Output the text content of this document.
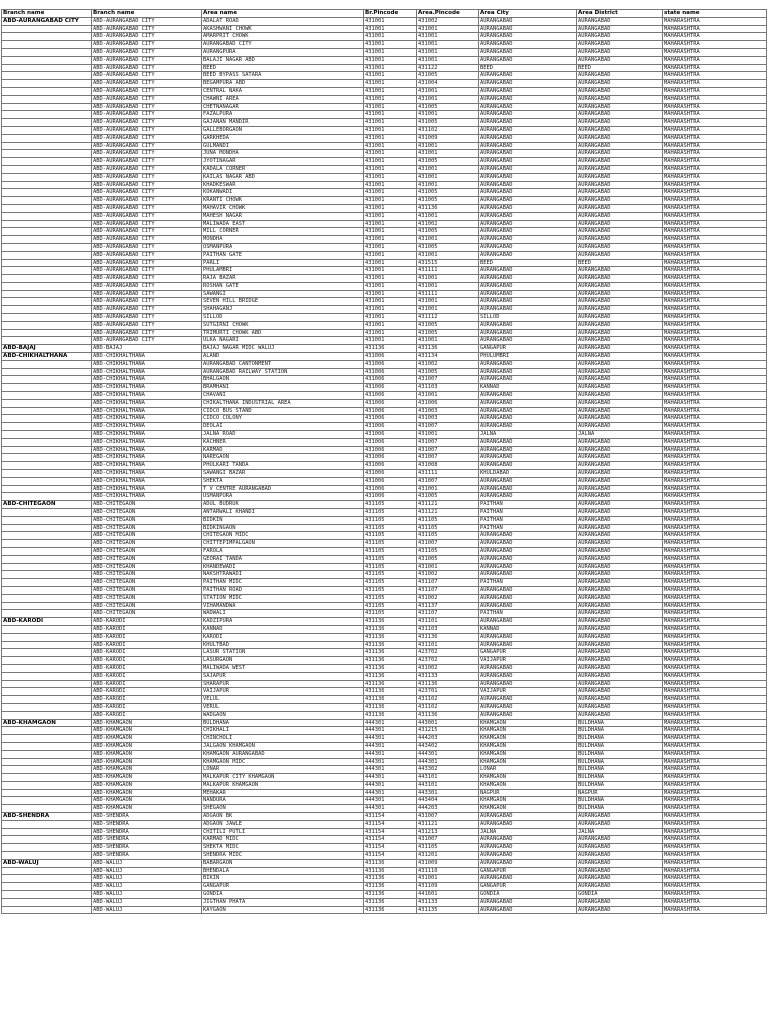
Branch name	Branch name	Area name	Br.Pincode	Area.Pincode	Area City	Area District	state name
ABD-AURANGABAD CITY	ABD-AURANGABAD CITY	ADALAT ROAD	431001	431002	AURANGABAD	AURANGABAD	MAHARASHTRA
	ABD-AURANGABAD CITY	AKASHWANI CHOWK	431001	431001	AURANGABAD	AURANGABAD	MAHARASHTRA
	ABD-AURANGABAD CITY	AMARPRIT CHOWK	431001	431001	AURANGABAD	AURANGABAD	MAHARASHTRA
	ABD-AURANGABAD CITY	AURANGABAD CITY	431001	431001	AURANGABAD	AURANGABAD	MAHARASHTRA
	ABD-AURANGABAD CITY	AURANGPURA	431001	431001	AURANGABAD	AURANGABAD	MAHARASHTRA
	ABD-AURANGABAD CITY	BALAJI NAGAR ABD	431001	431001	AURANGABAD	AURANGABAD	MAHARASHTRA
	ABD-AURANGABAD CITY	BEED	431001	431122	BEED	BEED	MAHARASHTRA
	ABD-AURANGABAD CITY	BEED BYPASS SATARA	431001	431005	AURANGABAD	AURANGABAD	MAHARASHTRA
	ABD-AURANGABAD CITY	BEGAMPURA ABD	431001	431004	AURANGABAD	AURANGABAD	MAHARASHTRA
	ABD-AURANGABAD CITY	CENTRAL NAKA	431001	431001	AURANGABAD	AURANGABAD	MAHARASHTRA
	ABD-AURANGABAD CITY	CHAWNI AREA	431001	431001	AURANGABAD	AURANGABAD	MAHARASHTRA
	ABD-AURANGABAD CITY	CHETNANAGAR	431001	431005	AURANGABAD	AURANGABAD	MAHARASHTRA
	ABD-AURANGABAD CITY	FAZALPURA	431001	431001	AURANGABAD	AURANGABAD	MAHARASHTRA
	ABD-AURANGABAD CITY	GAJANAN MANDIR	431001	431005	AURANGABAD	AURANGABAD	MAHARASHTRA
	ABD-AURANGABAD CITY	GALLEBORGAON	431001	431102	AURANGABAD	AURANGABAD	MAHARASHTRA
	ABD-AURANGABAD CITY	GARKHEDA	431001	431009	AURANGABAD	AURANGABAD	MAHARASHTRA
	ABD-AURANGABAD CITY	GULMANDI	431001	431001	AURANGABAD	AURANGABAD	MAHARASHTRA
	ABD-AURANGABAD CITY	JUNA MONDHA	431001	431001	AURANGABAD	AURANGABAD	MAHARASHTRA
	ABD-AURANGABAD CITY	JYOTINAGAR	431001	431005	AURANGABAD	AURANGABAD	MAHARASHTRA
	ABD-AURANGABAD CITY	KADALA CORNER	431001	431001	AURANGABAD	AURANGABAD	MAHARASHTRA
	ABD-AURANGABAD CITY	KAILAS NAGAR ABD	431001	431001	AURANGABAD	AURANGABAD	MAHARASHTRA
	ABD-AURANGABAD CITY	KHADKESWAR	431001	431001	AURANGABAD	AURANGABAD	MAHARASHTRA
	ABD-AURANGABAD CITY	KOKANWADI	431001	431005	AURANGABAD	AURANGABAD	MAHARASHTRA
	ABD-AURANGABAD CITY	KRANTI CHOWK	431001	431005	AURANGABAD	AURANGABAD	MAHARASHTRA
	ABD-AURANGABAD CITY	MAHAVIR CHOWK	431001	431136	AURANGABAD	AURANGABAD	MAHARASHTRA
	ABD-AURANGABAD CITY	MAHESH NAGAR	431001	431001	AURANGABAD	AURANGABAD	MAHARASHTRA
	ABD-AURANGABAD CITY	MALIWADA EAST	431001	431002	AURANGABAD	AURANGABAD	MAHARASHTRA
	ABD-AURANGABAD CITY	MILL CORNER	431001	431005	AURANGABAD	AURANGABAD	MAHARASHTRA
	ABD-AURANGABAD CITY	MONDHA	431001	431001	AURANGABAD	AURANGABAD	MAHARASHTRA
	ABD-AURANGABAD CITY	OSMANPURA	431001	431005	AURANGABAD	AURANGABAD	MAHARASHTRA
	ABD-AURANGABAD CITY	PAITHAN GATE	431001	431001	AURANGABAD	AURANGABAD	MAHARASHTRA
	ABD-AURANGABAD CITY	PARLI	431001	431515	BEED	BEED	MAHARASHTRA
	ABD-AURANGABAD CITY	PHULAMBRI	431001	431111	AURANGABAD	AURANGABAD	MAHARASHTRA
	ABD-AURANGABAD CITY	RAJA BAZAR	431001	431001	AURANGABAD	AURANGABAD	MAHARASHTRA
	ABD-AURANGABAD CITY	ROSHAN GATE	431001	431001	AURANGABAD	AURANGABAD	MAHARASHTRA
	ABD-AURANGABAD CITY	SAWANGI	431001	431111	AURANGABAD	AURANGABAD	MAHARASHTRA
	ABD-AURANGABAD CITY	SEVEN HILL BRIDGE	431001	431001	AURANGABAD	AURANGABAD	MAHARASHTRA
	ABD-AURANGABAD CITY	SHAHAGANJ	431001	431001	AURANGABAD	AURANGABAD	MAHARASHTRA
	ABD-AURANGABAD CITY	SILLOD	431001	431112	SILLOD	AURANGABAD	MAHARASHTRA
	ABD-AURANGABAD CITY	SUTGIRNI CHOWK	431001	431005	AURANGABAD	AURANGABAD	MAHARASHTRA
	ABD-AURANGABAD CITY	TRIMURTI CHOWK ABD	431001	431005	AURANGABAD	AURANGABAD	MAHARASHTRA
	ABD-AURANGABAD CITY	ULKA NAGARI	431001	431001	AURANGABAD	AURANGABAD	MAHARASHTRA
ABD-BAJAJ	ABD-BAJAJ	BAJAJ NAGAR MIDC WALUJ	431136	431136	GANGAPUR	AURANGABAD	MAHARASHTRA
ABD-CHIKHALTHANA	ABD-CHIKHALTHANA	ALAND	431006	431134	PHULUMBRI	AURANGABAD	MAHARASHTRA
	ABD-CHIKHALTHANA	AURANGABAD CANTONMENT	431006	431002	AURANGABAD	AURANGABAD	MAHARASHTRA
	ABD-CHIKHALTHANA	AURANGABAD RAILWAY STATION	431006	431005	AURANGABAD	AURANGABAD	MAHARASHTRA
	ABD-CHIKHALTHANA	BHALGAON	431006	431007	AURANGABAD	AURANGABAD	MAHARASHTRA
	ABD-CHIKHALTHANA	BRAMHANI	431006	431103	KANNAD	AURANGABAD	MAHARASHTRA
	ABD-CHIKHALTHANA	CHAVANI	431006	431001	AURANGABAD	AURANGABAD	MAHARASHTRA
	ABD-CHIKHALTHANA	CHIKALTHANA INDUSTRIAL AREA	431006	431006	AURANGABAD	AURANGABAD	MAHARASHTRA
	ABD-CHIKHALTHANA	CIDCO BUS STAND	431006	431003	AURANGABAD	AURANGABAD	MAHARASHTRA
	ABD-CHIKHALTHANA	CIDCO COLONY	431006	431003	AURANGABAD	AURANGABAD	MAHARASHTRA
	ABD-CHIKHALTHANA	DEOLAI	431006	431007	AURANGABAD	AURANGABAD	MAHARASHTRA
	ABD-CHIKHALTHANA	JALNA ROAD	431006	431001	JALNA	JALNA	MAHARASHTRA
	ABD-CHIKHALTHANA	KACHNER	431006	431007	AURANGABAD	AURANGABAD	MAHARASHTRA
	ABD-CHIKHALTHANA	KARMAD	431006	431007	AURANGABAD	AURANGABAD	MAHARASHTRA
	ABD-CHIKHALTHANA	NAREGAON	431006	431007	AURANGABAD	AURANGABAD	MAHARASHTRA
	ABD-CHIKHALTHANA	PHULKARI TANDA	431006	431008	AURANGABAD	AURANGABAD	MAHARASHTRA
	ABD-CHIKHALTHANA	SAWANGI BAZAR	431006	431111	KHULDABAD	AURANGABAD	MAHARASHTRA
	ABD-CHIKHALTHANA	SHEKTA	431006	431007	AURANGABAD	AURANGABAD	MAHARASHTRA
	ABD-CHIKHALTHANA	T V CENTRE AURANGABAD	431006	431001	AURANGABAD	AURANGABAD	MAHARASHTRA
	ABD-CHIKHALTHANA	USMANPURA	431006	431005	AURANGABAD	AURANGABAD	MAHARASHTRA
ABD-CHITEGAON	ABD-CHITEGAON	ADUL BUDRUK	431105	431121	PAITHAN	AURANGABAD	MAHARASHTRA
	ABD-CHITEGAON	ANTARWALI KHANDI	431105	431121	PAITHAN	AURANGABAD	MAHARASHTRA
	ABD-CHITEGAON	BIDKIN	431105	431105	PAITHAN	AURANGABAD	MAHARASHTRA
	ABD-CHITEGAON	BIDKINGAON	431105	431105	PAITHAN	AURANGABAD	MAHARASHTRA
	ABD-CHITEGAON	CHITEGAON MIDC	431105	431105	AURANGABAD	AURANGABAD	MAHARASHTRA
	ABD-CHITEGAON	CHITTEPIMPALGAON	431105	431007	AURANGABAD	AURANGABAD	MAHARASHTRA
	ABD-CHITEGAON	FAROLA	431105	431105	AURANGABAD	AURANGABAD	MAHARASHTRA
	ABD-CHITEGAON	GEORAI TANDA	431105	431005	AURANGABAD	AURANGABAD	MAHARASHTRA
	ABD-CHITEGAON	KHANDEWADI	431105	431001	AURANGABAD	AURANGABAD	MAHARASHTRA
	ABD-CHITEGAON	NAKSHTRAWADI	431105	431002	AURANGABAD	AURANGABAD	MAHARASHTRA
	ABD-CHITEGAON	PAITHAN MIDC	431105	431107	PAITHAN	AURANGABAD	MAHARASHTRA
	ABD-CHITEGAON	PAITHAN ROAD	431105	431107	AURANGABAD	AURANGABAD	MAHARASHTRA
	ABD-CHITEGAON	STATION MIDC	431105	431002	AURANGABAD	AURANGABAD	MAHARASHTRA
	ABD-CHITEGAON	VIHAMANDWA	431105	431137	AURANGABAD	AURANGABAD	MAHARASHTRA
	ABD-CHITEGAON	WADWALI	431105	431107	PAITHAN	AURANGABAD	MAHARASHTRA
ABD-KARODI	ABD-KARODI	KADZIPURA	431136	431101	AURANGABAD	AURANGABAD	MAHARASHTRA
	ABD-KARODI	KANNAD	431136	431103	KANNAD	AURANGABAD	MAHARASHTRA
	ABD-KARODI	KARODI	431136	431136	AURANGABAD	AURANGABAD	MAHARASHTRA
	ABD-KARODI	KHULTBAD	431136	431101	AURANGABAD	AURANGABAD	MAHARASHTRA
	ABD-KARODI	LASUR STATION	431136	423702	GANGAPUR	AURANGABAD	MAHARASHTRA
	ABD-KARODI	LASURGAON	431136	423702	VAIJAPUR	AURANGABAD	MAHARASHTRA
	ABD-KARODI	MALIWADA WEST	431136	431002	AURANGABAD	AURANGABAD	MAHARASHTRA
	ABD-KARODI	SAJAPUR	431136	431133	AURANGABAD	AURANGABAD	MAHARASHTRA
	ABD-KARODI	SHARAPUR	431136	431136	AURANGABAD	AURANGABAD	MAHARASHTRA
	ABD-KARODI	VAIJAPUR	431136	423701	VAIJAPUR	AURANGABAD	MAHARASHTRA
	ABD-KARODI	VELUL	431136	431102	AURANGABAD	AURANGABAD	MAHARASHTRA
	ABD-KARODI	VERUL	431136	431102	AURANGABAD	AURANGABAD	MAHARASHTRA
	ABD-KARODI	WADGAON	431136	431136	AURANGABAD	AURANGABAD	MAHARASHTRA
ABD-KHAMGAON	ABD-KHAMGAON	BULDHANA	444301	443001	KHAMGAON	BULDHANA	MAHARASHTRA
	ABD-KHAMGAON	CHIKHALI	444301	431215	KHAMGAON	BULDHANA	MAHARASHTRA
	ABD-KHAMGAON	CHINCHOLI	444301	444203	KHAMGAON	BULDHANA	MAHARASHTRA
	ABD-KHAMGAON	JALGAON KHAMGAON	444301	443402	KHAMGAON	BULDHANA	MAHARASHTRA
	ABD-KHAMGAON	KHAMGAON AURANGABAD	444301	444301	KHAMGAON	BULDHANA	MAHARASHTRA
	ABD-KHAMGAON	KHAMGAON MIDC	444301	444301	KHAMGAON	BULDHANA	MAHARASHTRA
	ABD-KHAMGAON	LONAR	444301	443302	LONAR	BULDHANA	MAHARASHTRA
	ABD-KHAMGAON	MALKAPUR CITY KHAMGAON	444301	443101	KHAMGAON	BULDHANA	MAHARASHTRA
	ABD-KHAMGAON	MALKAPUR KHAMGAON	444301	443101	KHAMGAON	BULDHANA	MAHARASHTRA
	ABD-KHAMGAON	MEHAKAR	444301	443301	NAGPUR	NAGPUR	MAHARASHTRA
	ABD-KHAMGAON	NANDURA	444301	443404	KHAMGAON	BULDHANA	MAHARASHTRA
	ABD-KHAMGAON	SHEGAON	444301	444203	KHAMGAON	BULDHANA	MAHARASHTRA
ABD-SHENDRA	ABD-SHENDRA	ADGAON BK	431154	431007	AURANGABAD	AURANGABAD	MAHARASHTRA
	ABD-SHENDRA	ADGAON JAWLE	431154	431121	AURANGABAD	AURANGABAD	MAHARASHTRA
	ABD-SHENDRA	CHITILI PUTLI	431154	431213	JALNA	JALNA	MAHARASHTRA
	ABD-SHENDRA	KARMAD MIDC	431154	431007	AURANGABAD	AURANGABAD	MAHARASHTRA
	ABD-SHENDRA	SHEKTA MIDC	431154	431105	AURANGABAD	AURANGABAD	MAHARASHTRA
	ABD-SHENDRA	SHENDRA MIDC	431154	431201	AURANGABAD	AURANGABAD	MAHARASHTRA
ABD-WALUJ	ABD-WALUJ	BABARGAON	431136	431009	AURANGABAD	AURANGABAD	MAHARASHTRA
	ABD-WALUJ	BHENDALA	431136	431110	GANGAPUR	AURANGABAD	MAHARASHTRA
	ABD-WALUJ	BIKIN	431136	431001	AURANGABAD	AURANGABAD	MAHARASHTRA
	ABD-WALUJ	GANGAPUR	431136	431109	GANGAPUR	AURANGABAD	MAHARASHTRA
	ABD-WALUJ	GONDIA	431136	441601	GONDIA	GONDIA	MAHARASHTRA
	ABD-WALUJ	JIGTHAN PHATA	431136	431133	AURANGABAD	AURANGABAD	MAHARASHTRA
	ABD-WALUJ	KAYGAON	431136	431135	AURANGABAD	AURANGABAD	MAHARASHTRA
